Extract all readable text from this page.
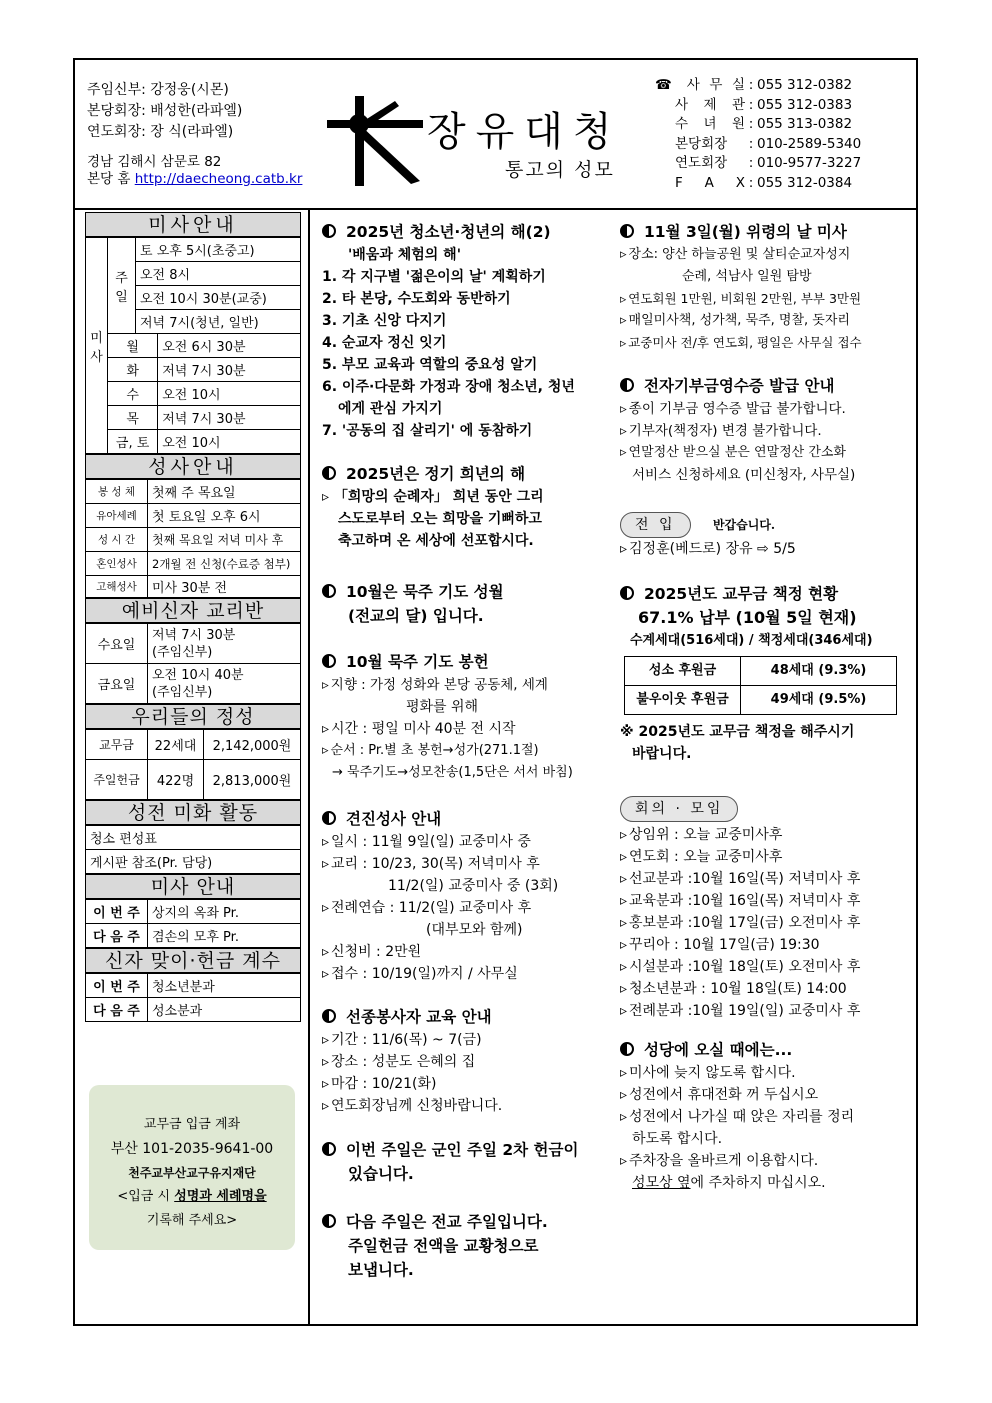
주임신부: 강정웅(시몬)
본당회장: 배성한(라파엘)
연도회장: 장 식(라파엘)
경남 김해시 삼문로 82
본당 홈 http://daecheong.catb.kr
장유대청
통고의 성모
☎ 사 무 실 : 055 312-0382
사 제 관 : 055 312-0383
수 녀 원 : 055 313-0382
본당회장	: 010-2589-5340
연도회장	: 010-9577-3227
F A X : 055 312-0384
미사안내
미 사	주 일	토 오후 5시(초중고)	
		오전 8시	
		오전 10시 30분(교중)	
		저녁 7시(청년, 일반)	
	월		오전 6시 30분
	화		저녁 7시 30분
	수		오전 10시
	목		저녁 7시 30분
	금, 토		오전 10시
성사안내
봉 성 체	첫째 주 목요일
유아세례	첫 토요일 오후 6시
성 시 간	첫째 목요일 저녁 미사 후
혼인성사	2개월 전 신청(수료증 첨부)
고해성사	미사 30분 전
예비신자 교리반
수요일	저녁 7시 30분
(주임신부)

금요일	오전 10시 40분
(주임신부)
우리들의 정성
교무금	22세대	2,142,000원
주일헌금	422명	2,813,000원
성전 미화 활동
청소 편성표
게시판 참조(Pr. 담당)
미사 안내
이 번 주	상지의 옥좌 Pr.
다 음 주	겸손의 모후 Pr.
신자 맞이·헌금 계수
이 번 주	청소년분과
다 음 주	성소분과
교무금 입금 계좌
부산 101-2035-9641-00
천주교부산교구유지재단
<입금 시 성명과 세례명을
기록해 주세요>
2025년 청소년·청년의 해(2)
'배움과 체험의 해'
1. 각 지구별 '젊은이의 날' 계획하기
2. 타 본당, 수도회와 동반하기
3. 기초 신앙 다지기
4. 순교자 정신 잇기
5. 부모 교육과 역할의 중요성 알기
6. 이주·다문화 가정과 장애 청소년, 청년
에게 관심 가지기
7. '공동의 집 살리기' 에 동참하기
2025년은 정기 희년의 해
▹ 「희망의 순례자」 희년 동안 그리
스도로부터 오는 희망을 기뻐하고
축고하며 온 세상에 선포합시다.
10월은 묵주 기도 성월
(전교의 달) 입니다.
10월 묵주 기도 봉헌
▹ 지향 : 가정 성화와 본당 공동체, 세계
평화를 위해
▹ 시간 : 평일 미사 40분 전 시작
▹ 순서 : Pr.별 초 봉헌→성가(271.1절)
→ 묵주기도→성모찬송(1,5단은 서서 바침)
견진성사 안내
▹ 일시 : 11월 9일(일) 교중미사 중
▹ 교리 : 10/23, 30(목) 저녁미사 후
11/2(일) 교중미사 중 (3회)
▹ 전례연습 : 11/2(일) 교중미사 후
(대부모와 함께)
▹ 신청비 : 2만원
▹ 접수 : 10/19(일)까지 / 사무실
선종봉사자 교육 안내
▹ 기간 : 11/6(목) ~ 7(금)
▹ 장소 : 성분도 은혜의 집
▹ 마감 : 10/21(화)
▹ 연도회장님께 신청바랍니다.
이번 주일은 군인 주일 2차 헌금이
있습니다.
다음 주일은 전교 주일입니다.
주일헌금 전액을 교황청으로
보냅니다.
11월 3일(월) 위령의 날 미사
▹ 장소: 양산 하늘공원 및 살티순교자성지
순례, 석남사 일원 탐방
▹ 연도회원 1만원, 비회원 2만원, 부부 3만원
▹ 매일미사책, 성가책, 묵주, 명찰, 돗자리
▹ 교중미사 전/후 연도회, 평일은 사무실 접수
전자기부금영수증 발급 안내
▹ 종이 기부금 영수증 발급 불가합니다.
▹ 기부자(책정자) 변경 불가합니다.
▹ 연말정산 받으실 분은 연말정산 간소화
서비스 신청하세요 (미신청자, 사무실)
전 입	반갑습니다.
▹ 김정훈(베드로) 장유 ⇨ 5/5
2025년도 교무금 책정 현황
67.1% 납부 (10월 5일 현재)
수계세대(516세대) / 책정세대(346세대)
성소 후원금	48세대 (9.3%)
불우이웃 후원금	49세대 (9.5%)
※ 2025년도 교무금 책정을 해주시기
바랍니다.
회의 · 모임
▹ 상임위 : 오늘 교중미사후
▹ 연도회 : 오늘 교중미사후
▹ 선교분과 :10월 16일(목) 저녁미사 후
▹ 교육분과 :10월 16일(목) 저녁미사 후
▹ 홍보분과 :10월 17일(금) 오전미사 후
▹ 꾸리아 : 10월 17일(금) 19:30
▹ 시설분과 :10월 18일(토) 오전미사 후
▹ 청소년분과 : 10월 18일(토) 14:00
▹ 전례분과 :10월 19일(일) 교중미사 후
성당에 오실 때에는...
▹ 미사에 늦지 않도록 합시다.
▹ 성전에서 휴대전화 꺼 두십시오
▹ 성전에서 나가실 때 앉은 자리를 정리
하도록 합시다.
▹ 주차장을 올바르게 이용합시다.
성모상 옆에 주차하지 마십시오.
